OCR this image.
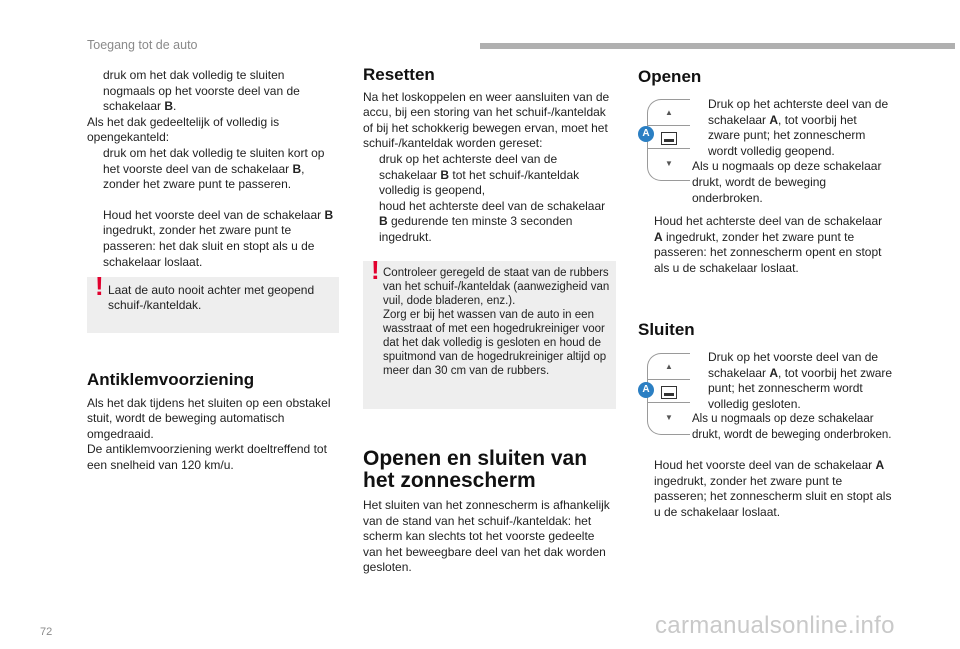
Toegang tot de auto

druk om het dak volledig te sluiten nogmaals op het voorste deel van de schakelaar B.

Als het dak gedeeltelijk of volledig is opengekanteld:

druk om het dak volledig te sluiten kort op het voorste deel van de schakelaar B, zonder het zware punt te passeren.

Houd het voorste deel van de schakelaar B ingedrukt, zonder het zware punt te passeren: het dak sluit en stopt als u de schakelaar loslaat.

! Laat de auto nooit achter met geopend schuif-/kanteldak.
Antiklemvoorziening

Als het dak tijdens het sluiten op een obstakel stuit, wordt de beweging automatisch omgedraaid.

De antiklemvoorziening werkt doeltreffend tot een snelheid van 120 km/u.

Resetten

Na het loskoppelen en weer aansluiten van de accu, bij een storing van het schuif-/kanteldak of bij het schokkerig bewegen ervan, moet het schuif-/kanteldak worden gereset:

druk op het achterste deel van de schakelaar B tot het schuif-/kanteldak volledig is geopend,

houd het achterste deel van de schakelaar B gedurende ten minste 3 seconden ingedrukt.

! Controleer geregeld de staat van de rubbers van het schuif-/kanteldak (aanwezigheid van vuil, dode bladeren, enz.).
Zorg er bij het wassen van de auto in een wasstraat of met een hogedrukreiniger voor dat het dak volledig is gesloten en houd de spuitmond van de hogedrukreiniger altijd op meer dan 30 cm van de rubbers.
Openen en sluiten van het zonnescherm

Het sluiten van het zonnescherm is afhankelijk van de stand van het schuif-/kanteldak: het scherm kan slechts tot het voorste gedeelte van het beweegbare deel van het dak worden gesloten.

Openen
▲
▼
A

Druk op het achterste deel van de schakelaar A, tot voorbij het zware punt; het zonnescherm wordt volledig geopend.

Als u nogmaals op deze schakelaar drukt, wordt de beweging onderbroken.

Houd het achterste deel van de schakelaar A ingedrukt, zonder het zware punt te passeren: het zonnescherm opent en stopt als u de schakelaar loslaat.

Sluiten
▲
▼
A

Druk op het voorste deel van de schakelaar A, tot voorbij het zware punt; het zonnescherm wordt volledig gesloten.

Als u nogmaals op deze schakelaar drukt, wordt de beweging onderbroken.

Houd het voorste deel van de schakelaar A ingedrukt, zonder het zware punt te passeren; het zonnescherm sluit en stopt als u de schakelaar loslaat.

72	carmanualsonline.info
